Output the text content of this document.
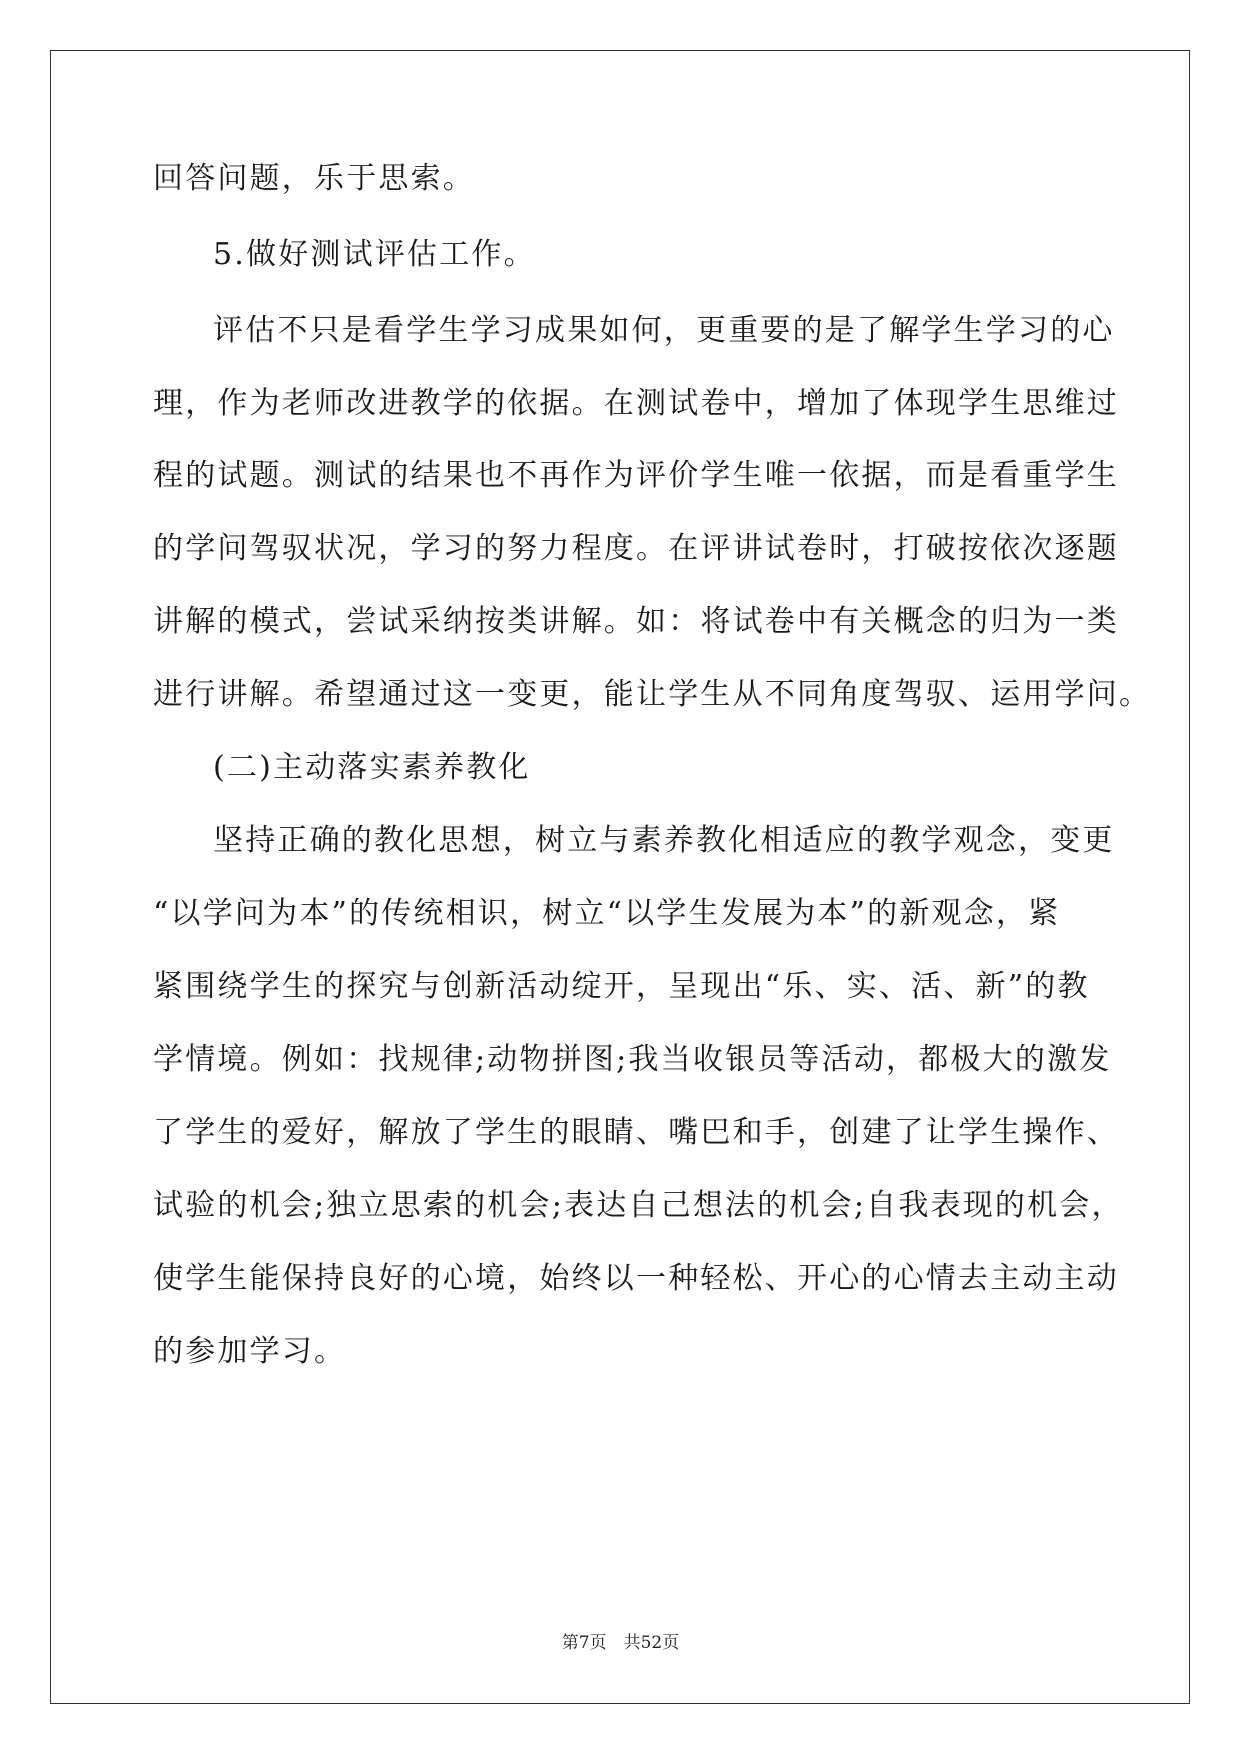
回答问题，乐于思索。
5.做好测试评估工作。
评估不只是看学生学习成果如何，更重要的是了解学生学习的心
理，作为老师改进教学的依据。在测试卷中，增加了体现学生思维过
程的试题。测试的结果也不再作为评价学生唯一依据，而是看重学生
的学问驾驭状况，学习的努力程度。在评讲试卷时，打破按依次逐题
讲解的模式，尝试采纳按类讲解。如：将试卷中有关概念的归为一类
进行讲解。希望通过这一变更，能让学生从不同角度驾驭、运用学问。
(二)主动落实素养教化
坚持正确的教化思想，树立与素养教化相适应的教学观念，变更
“以学问为本”的传统相识，树立“以学生发展为本”的新观念，紧
紧围绕学生的探究与创新活动绽开，呈现出“乐、实、活、新”的教
学情境。例如：找规律;动物拼图;我当收银员等活动，都极大的激发
了学生的爱好，解放了学生的眼睛、嘴巴和手，创建了让学生操作、
试验的机会;独立思索的机会;表达自己想法的机会;自我表现的机会，
使学生能保持良好的心境，始终以一种轻松、开心的心情去主动主动
的参加学习。
第7页　共52页
